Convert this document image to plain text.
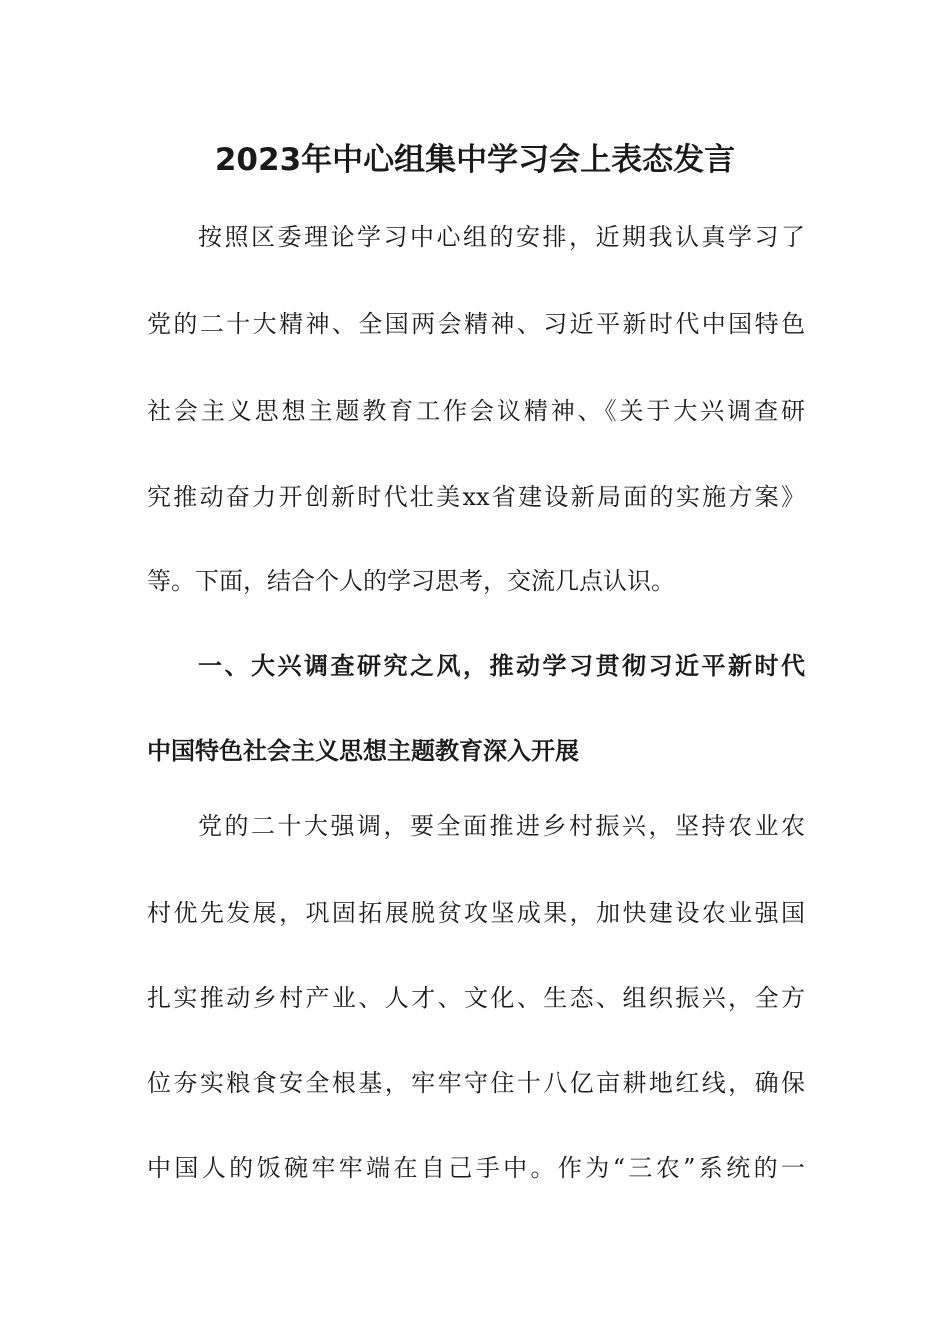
2023年中心组集中学习会上表态发言

按照区委理论学习中心组的安排，近期我认真学习了

党的二十大精神、全国两会精神、习近平新时代中国特色

社会主义思想主题教育工作会议精神、《关于大兴调查研

究推动奋力开创新时代壮美xx省建设新局面的实施方案》

等。下面，结合个人的学习思考，交流几点认识。

一、大兴调查研究之风，推动学习贯彻习近平新时代

中国特色社会主义思想主题教育深入开展

党的二十大强调，要全面推进乡村振兴，坚持农业农

村优先发展，巩固拓展脱贫攻坚成果，加快建设农业强国

扎实推动乡村产业、人才、文化、生态、组织振兴，全方

位夯实粮食安全根基，牢牢守住十八亿亩耕地红线，确保

中国人的饭碗牢牢端在自己手中。作为“三农”系统的一
